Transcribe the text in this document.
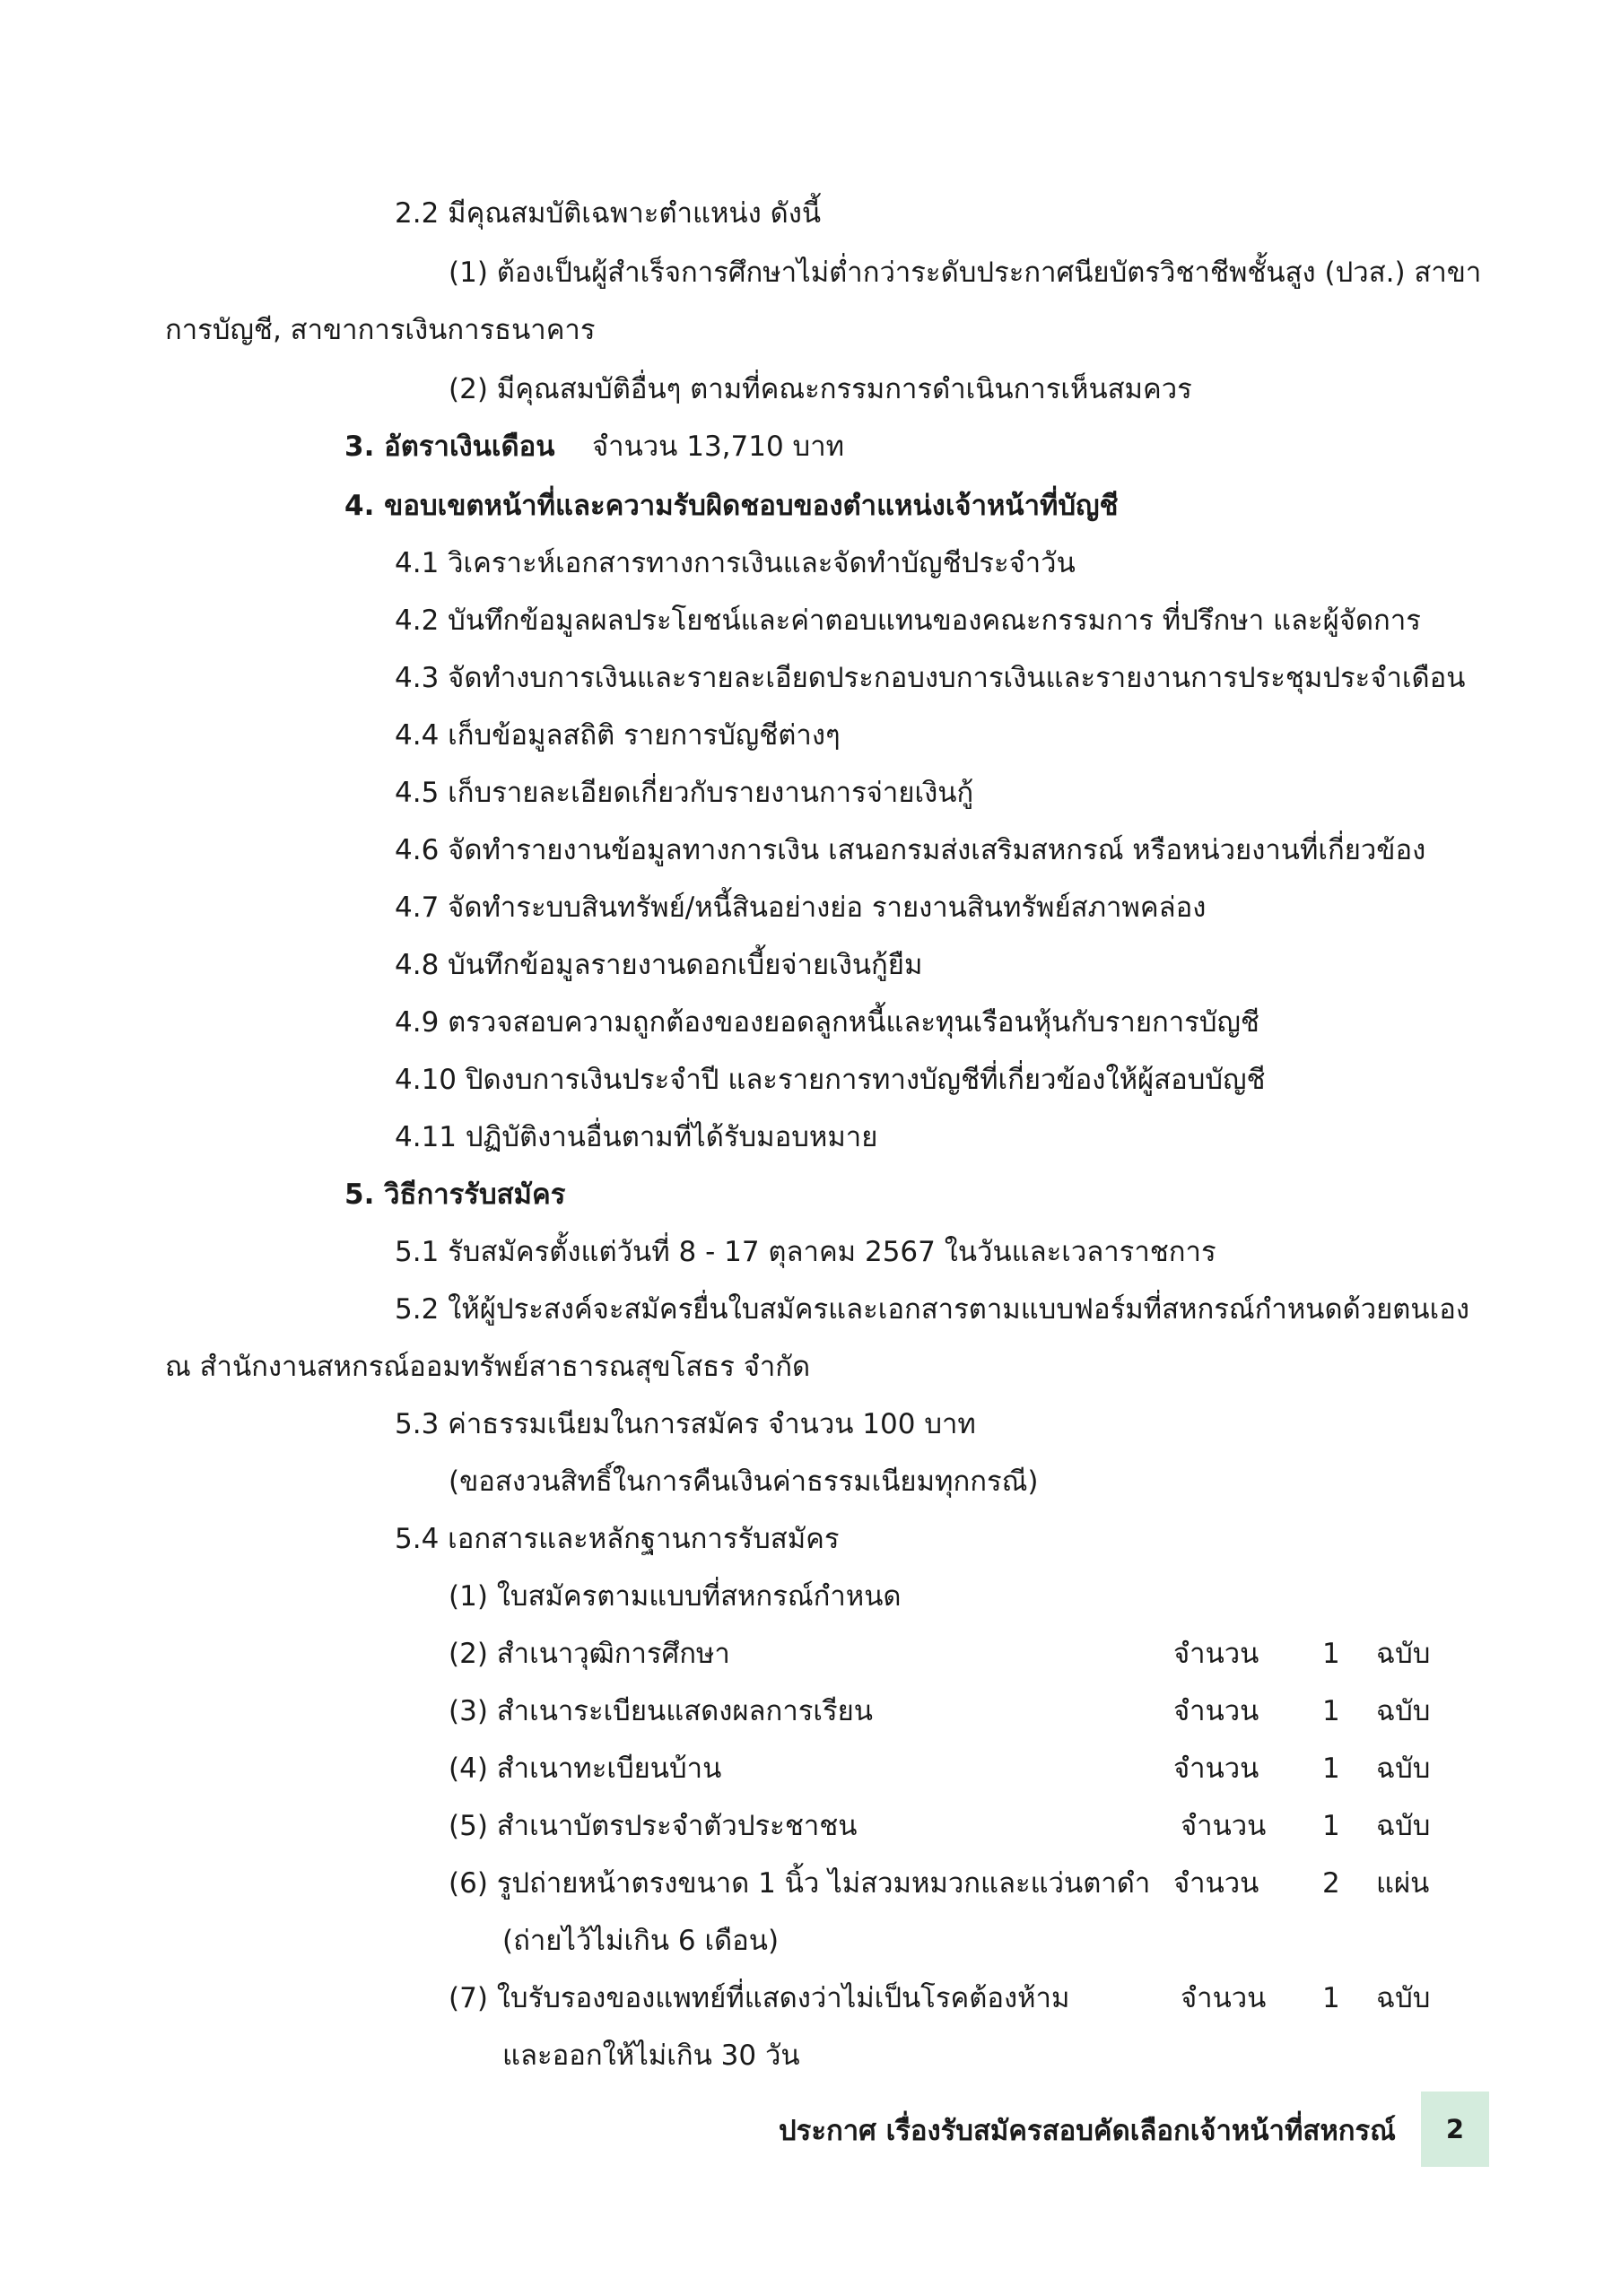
2.2 มีคุณสมบัติเฉพาะตำแหน่ง ดังนี้
(1) ต้องเป็นผู้สำเร็จการศึกษาไม่ต่ำกว่าระดับประกาศนียบัตรวิชาชีพชั้นสูง (ปวส.) สาขา
การบัญชี, สาขาการเงินการธนาคาร
(2) มีคุณสมบัติอื่นๆ ตามที่คณะกรรมการดำเนินการเห็นสมควร
3. อัตราเงินเดือน จำนวน 13,710 บาท
4. ขอบเขตหน้าที่และความรับผิดชอบของตำแหน่งเจ้าหน้าที่บัญชี
4.1 วิเคราะห์เอกสารทางการเงินและจัดทำบัญชีประจำวัน
4.2 บันทึกข้อมูลผลประโยชน์และค่าตอบแทนของคณะกรรมการ ที่ปรึกษา และผู้จัดการ
4.3 จัดทำงบการเงินและรายละเอียดประกอบงบการเงินและรายงานการประชุมประจำเดือน
4.4 เก็บข้อมูลสถิติ รายการบัญชีต่างๆ
4.5 เก็บรายละเอียดเกี่ยวกับรายงานการจ่ายเงินกู้
4.6 จัดทำรายงานข้อมูลทางการเงิน เสนอกรมส่งเสริมสหกรณ์ หรือหน่วยงานที่เกี่ยวข้อง
4.7 จัดทำระบบสินทรัพย์/หนี้สินอย่างย่อ รายงานสินทรัพย์สภาพคล่อง
4.8 บันทึกข้อมูลรายงานดอกเบี้ยจ่ายเงินกู้ยืม
4.9 ตรวจสอบความถูกต้องของยอดลูกหนี้และทุนเรือนหุ้นกับรายการบัญชี
4.10 ปิดงบการเงินประจำปี และรายการทางบัญชีที่เกี่ยวข้องให้ผู้สอบบัญชี
4.11 ปฏิบัติงานอื่นตามที่ได้รับมอบหมาย
5. วิธีการรับสมัคร
5.1 รับสมัครตั้งแต่วันที่ 8 - 17 ตุลาคม 2567 ในวันและเวลาราชการ
5.2 ให้ผู้ประสงค์จะสมัครยื่นใบสมัครและเอกสารตามแบบฟอร์มที่สหกรณ์กำหนดด้วยตนเอง
ณ สำนักงานสหกรณ์ออมทรัพย์สาธารณสุขโสธร จำกัด
5.3 ค่าธรรมเนียมในการสมัคร จำนวน 100 บาท
(ขอสงวนสิทธิ์ในการคืนเงินค่าธรรมเนียมทุกกรณี)
5.4 เอกสารและหลักฐานการรับสมัคร
(1) ใบสมัครตามแบบที่สหกรณ์กำหนด
(2) สำเนาวุฒิการศึกษา	จำนวน 1 ฉบับ
(3) สำเนาระเบียนแสดงผลการเรียน	จำนวน 1 ฉบับ
(4) สำเนาทะเบียนบ้าน	จำนวน 1 ฉบับ
(5) สำเนาบัตรประจำตัวประชาชน	จำนวน 1 ฉบับ
(6) รูปถ่ายหน้าตรงขนาด 1 นิ้ว ไม่สวมหมวกและแว่นตาดำ จำนวน 2 แผ่น
(ถ่ายไว้ไม่เกิน 6 เดือน)
(7) ใบรับรองของแพทย์ที่แสดงว่าไม่เป็นโรคต้องห้าม	จำนวน 1 ฉบับ
และออกให้ไม่เกิน 30 วัน
ประกาศ เรื่องรับสมัครสอบคัดเลือกเจ้าหน้าที่สหกรณ์	2
